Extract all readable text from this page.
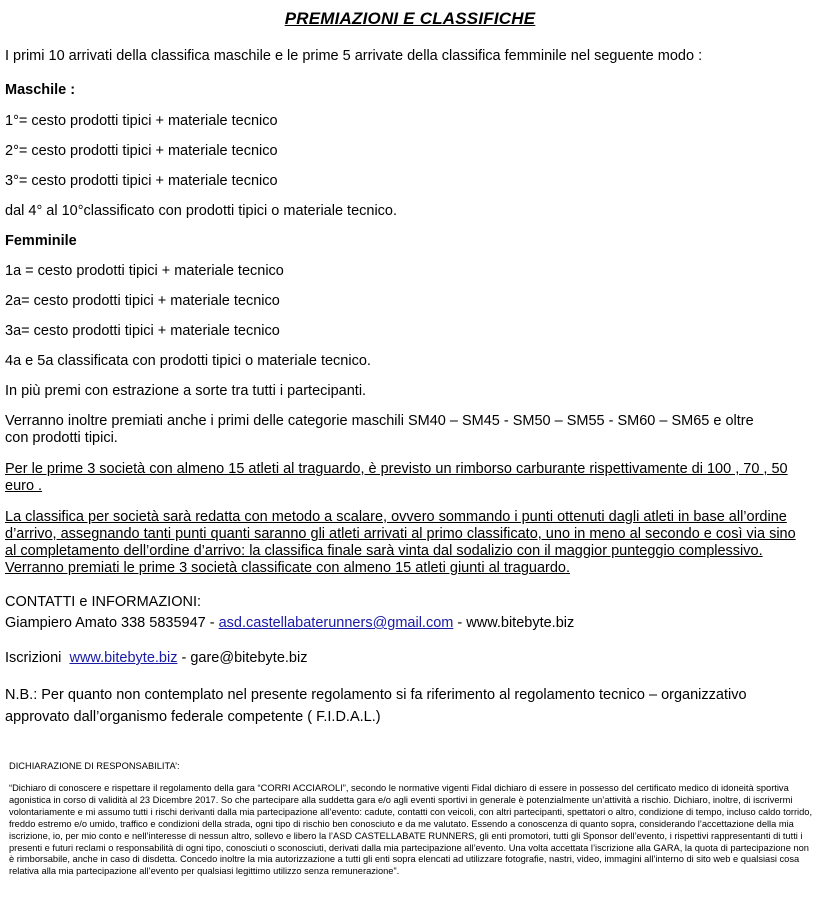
PREMIAZIONI E CLASSIFICHE
I primi 10 arrivati della classifica maschile e le prime 5 arrivate della classifica femminile nel seguente modo :
Maschile :
1°= cesto prodotti tipici + materiale tecnico
2°= cesto prodotti tipici + materiale tecnico
3°= cesto prodotti tipici + materiale tecnico
dal 4° al 10°classificato con prodotti tipici o materiale tecnico.
Femminile
1a = cesto prodotti tipici + materiale tecnico
2a= cesto prodotti tipici + materiale tecnico
3a= cesto prodotti tipici + materiale tecnico
4a e 5a classificata con prodotti tipici o materiale tecnico.
In più premi con estrazione a sorte tra tutti i partecipanti.
Verranno inoltre premiati anche i primi delle categorie maschili SM40 – SM45 - SM50 – SM55 - SM60 – SM65 e oltre con prodotti tipici.
Per le prime 3 società con almeno 15 atleti al traguardo, è previsto un rimborso carburante rispettivamente di 100 , 70 , 50 euro .
La classifica per società sarà redatta con metodo a scalare, ovvero sommando i punti ottenuti dagli atleti in base all’ordine d’arrivo, assegnando tanti punti quanti saranno gli atleti arrivati al primo classificato, uno in meno al secondo e così via sino al completamento dell’ordine d’arrivo: la classifica finale sarà vinta dal sodalizio con il maggior punteggio complessivo. Verranno premiati le prime 3 società classificate con almeno 15 atleti giunti al traguardo.
CONTATTI e INFORMAZIONI:
Giampiero Amato 338 5835947 - asd.castellabaterunners@gmail.com - www.bitebyte.biz
Iscrizioni  www.bitebyte.biz - gare@bitebyte.biz
N.B.: Per quanto non contemplato nel presente regolamento si fa riferimento al regolamento tecnico – organizzativo approvato dall’organismo federale competente ( F.I.D.A.L.)
DICHIARAZIONE DI RESPONSABILITA’:
“Dichiaro di conoscere e rispettare il regolamento della gara “CORRI ACCIAROLI”, secondo le normative vigenti Fidal dichiaro di essere in possesso del certificato medico di idoneità sportiva agonistica in corso di validità al 23 Dicembre 2017. So che partecipare alla suddetta gara e/o agli eventi sportivi in generale è potenzialmente un’attività a rischio. Dichiaro, inoltre, di iscrivermi volontariamente e mi assumo tutti i rischi derivanti dalla mia partecipazione all’evento: cadute, contatti con veicoli, con altri partecipanti, spettatori o altro, condizione di tempo, incluso caldo torrido, freddo estremo e/o umido, traffico e condizioni della strada, ogni tipo di rischio ben conosciuto e da me valutato. Essendo a conoscenza di quanto sopra, considerando l’accettazione della mia iscrizione, io, per mio conto e nell’interesse di nessun altro, sollevo e libero la l’ASD CASTELLABATE RUNNERS, gli enti promotori, tutti gli Sponsor dell’evento, i rispettivi rappresentanti di tutti i presenti e futuri reclami o responsabilità di ogni tipo, conosciuti o sconosciuti, derivati dalla mia partecipazione all’evento. Una volta accettata l’iscrizione alla GARA, la quota di partecipazione non è rimborsabile, anche in caso di disdetta. Concedo inoltre la mia autorizzazione a tutti gli enti sopra elencati ad utilizzare fotografie, nastri, video, immagini all’interno di sito web e qualsiasi cosa relativa alla mia partecipazione all’evento per qualsiasi legittimo utilizzo senza remunerazione”.
